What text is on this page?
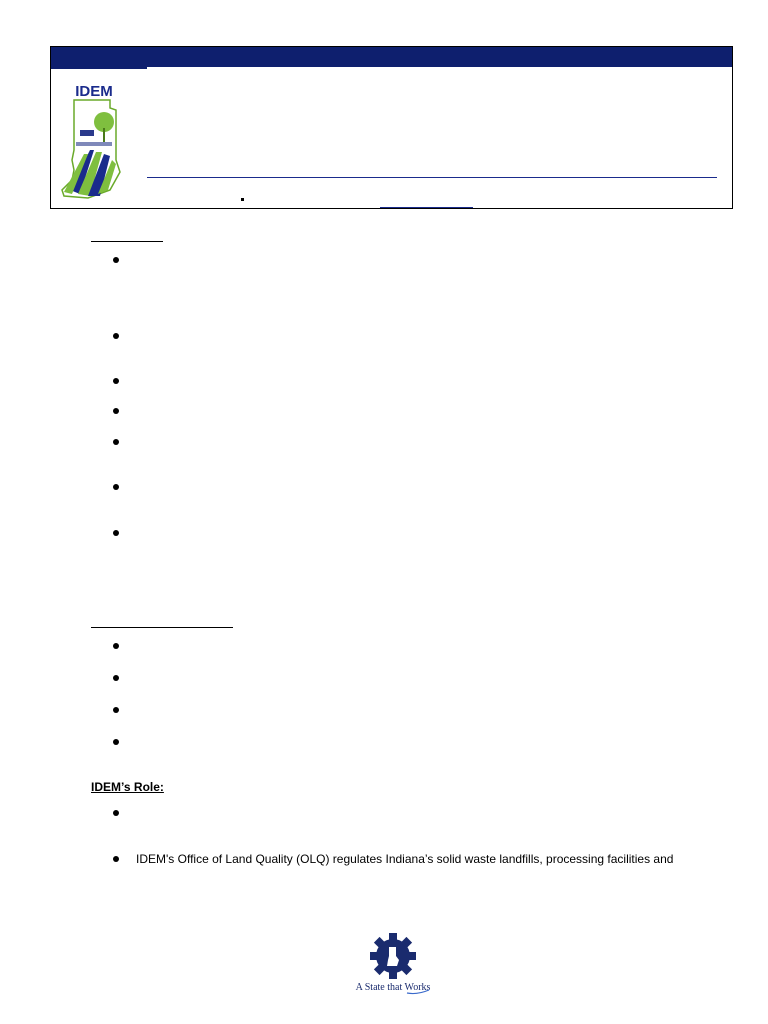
IDEM

IDEM’s Role:

IDEM's Office of Land Quality (OLQ) regulates Indiana’s solid waste landfills, processing facilities and

A State that Works
